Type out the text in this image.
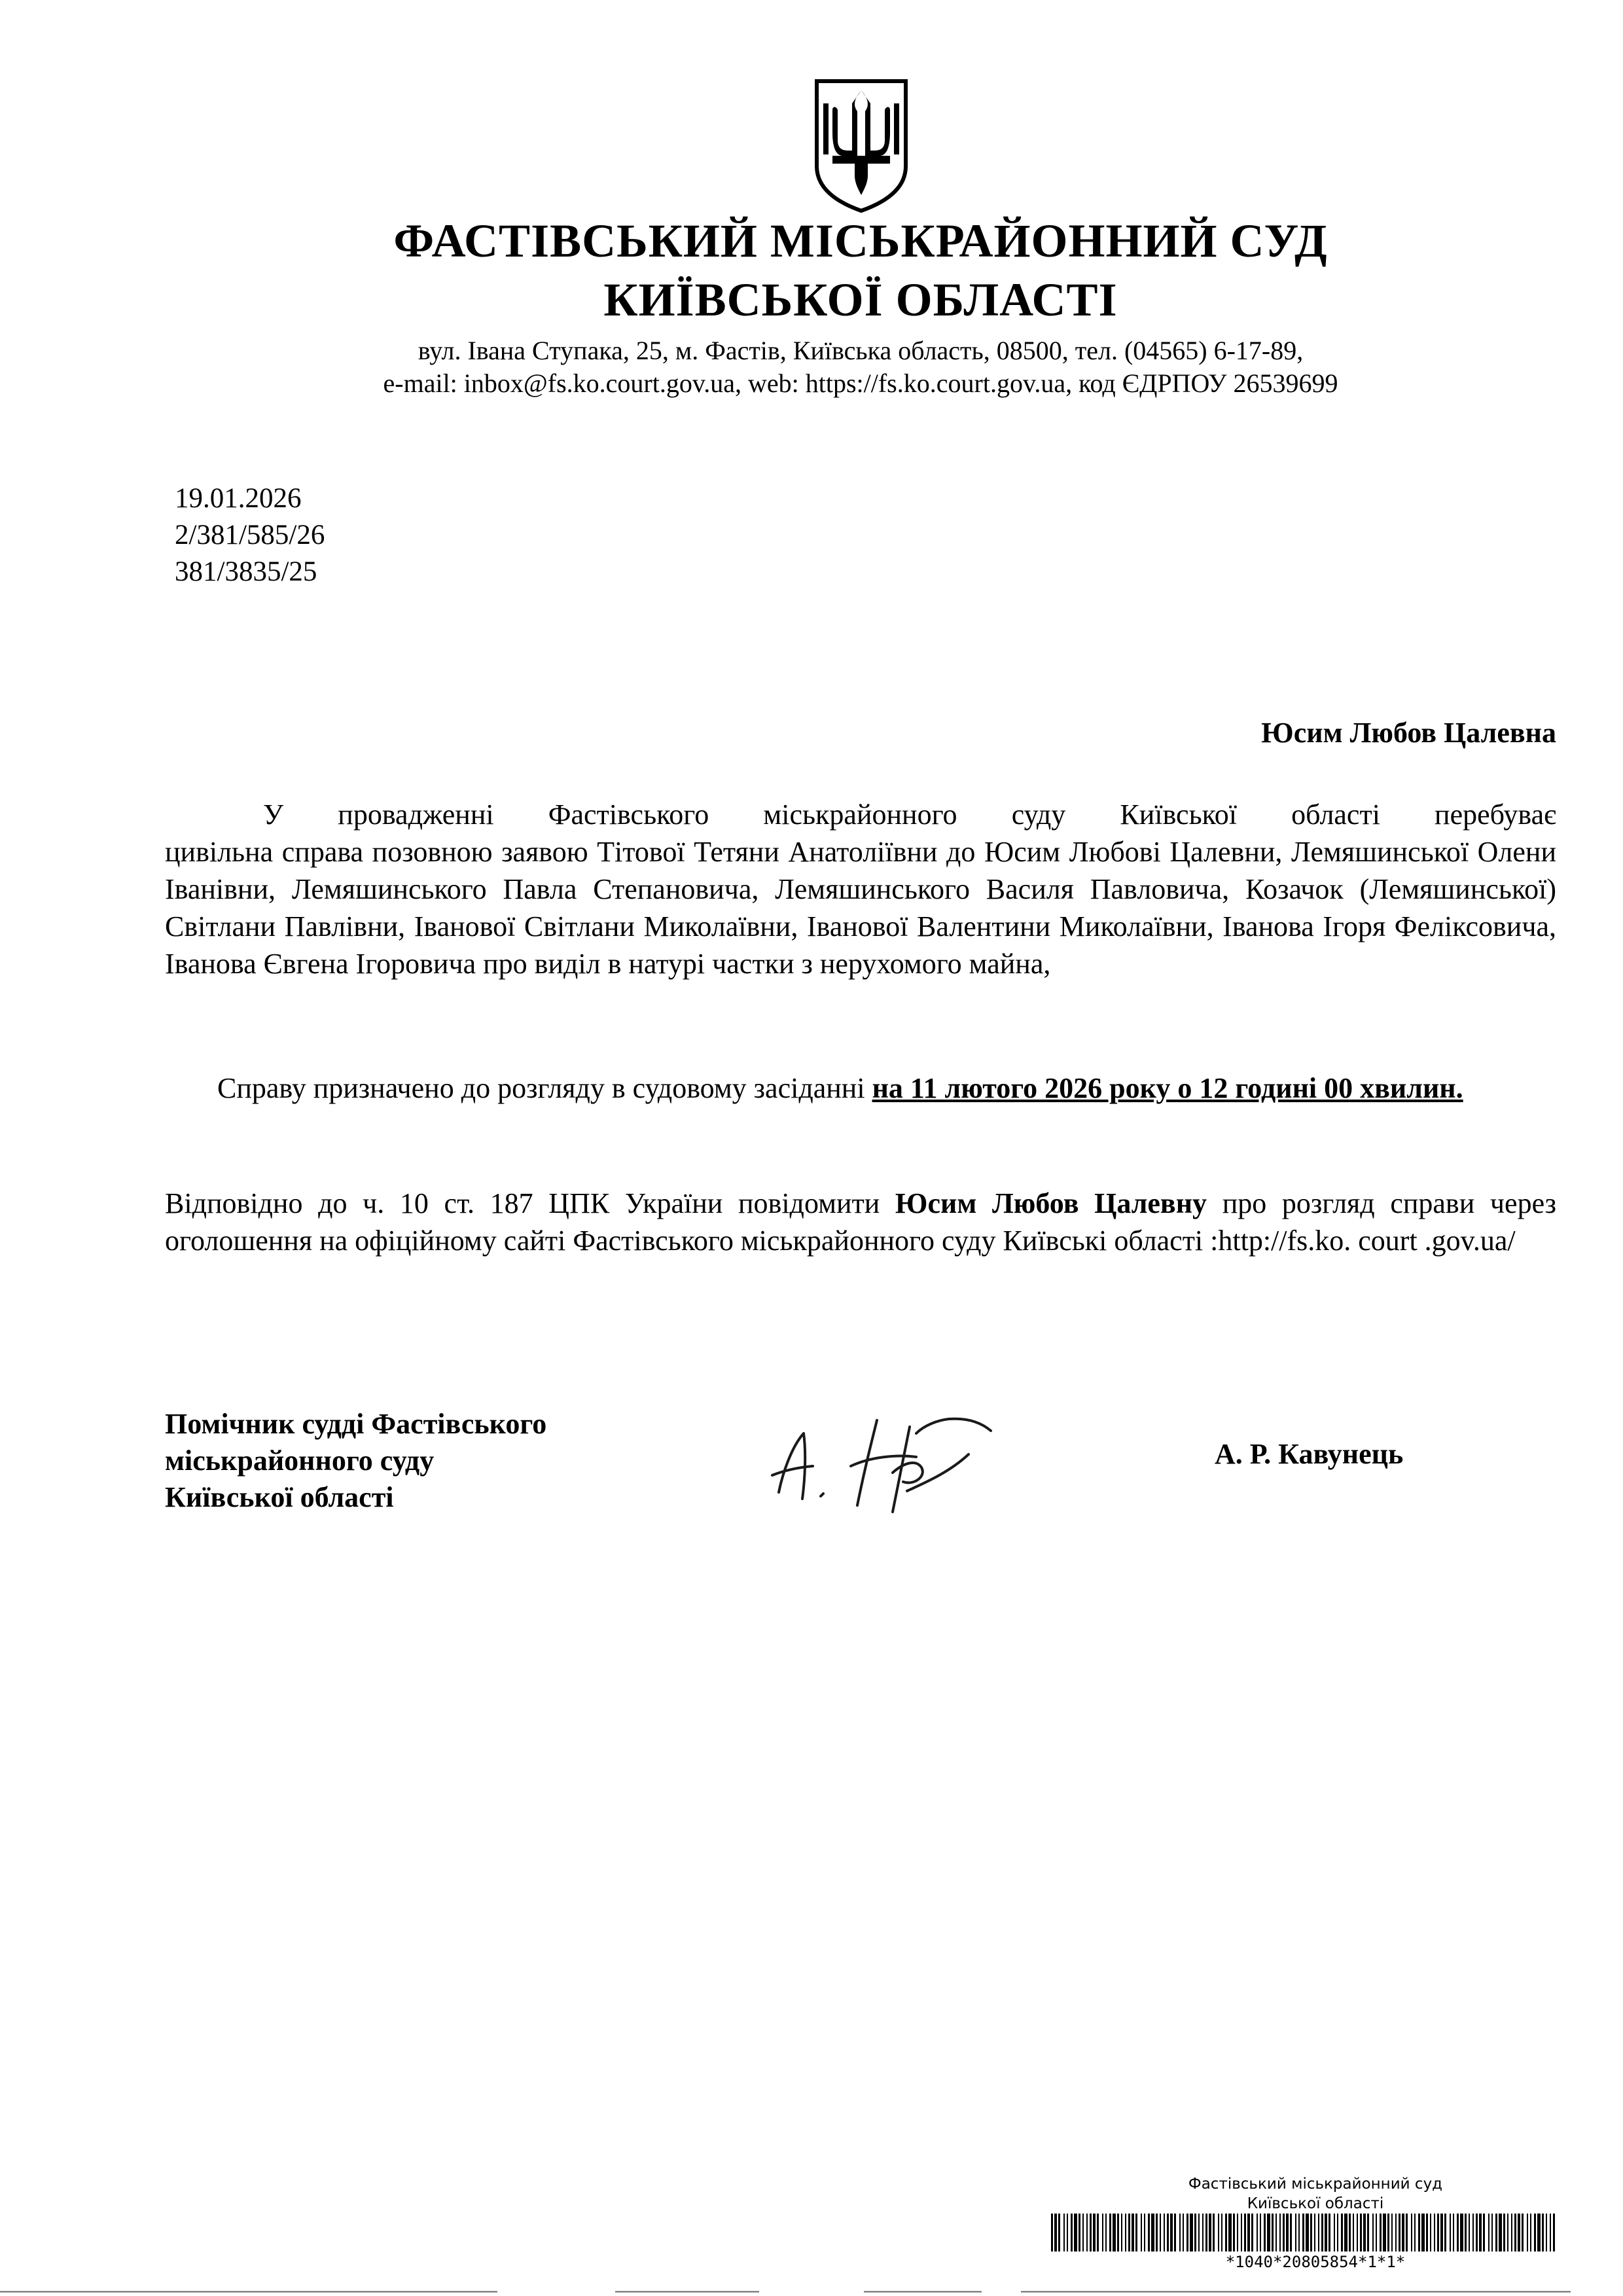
ФАСТІВСЬКИЙ МІСЬКРАЙОННИЙ СУД
КИЇВСЬКОЇ ОБЛАСТІ
вул. Івана Ступака, 25, м. Фастів, Київська область, 08500, тел. (04565) 6-17-89,
e-mail: inbox@fs.ko.court.gov.ua, web: https://fs.ko.court.gov.ua, код ЄДРПОУ 26539699
19.01.2026
2/381/585/26
381/3835/25
Юсим Любов Цалевна
У провадженні Фастівського міськрайонного суду Київської області перебуває
цивільна справа позовною заявою Тітової Тетяни Анатоліївни до Юсим Любові Цалевни, Лемяшинської Олени Іванівни, Лемяшинського Павла Степановича, Лемяшинського Василя Павловича, Козачок (Лемяшинської) Світлани Павлівни, Іванової Світлани Миколаївни, Іванової Валентини Миколаївни, Іванова Ігоря Феліксовича, Іванова Євгена Ігоровича про виділ в натурі частки з нерухомого майна,
Справу призначено до розгляду в судовому засіданні на 11 лютого 2026 року о 12 годині 00 хвилин.
Відповідно до ч. 10 ст. 187 ЦПК України повідомити Юсим Любов Цалевну про розгляд справи через оголошення на офіційному сайті Фастівського міськрайонного суду Київські області :http://fs.ko. court .gov.ua/
Помічник судді Фастівського
міськрайонного суду
Київської області
А. Р. Кавунець
Фастівський міськрайонний суд
Київської області
*1040*20805854*1*1*
